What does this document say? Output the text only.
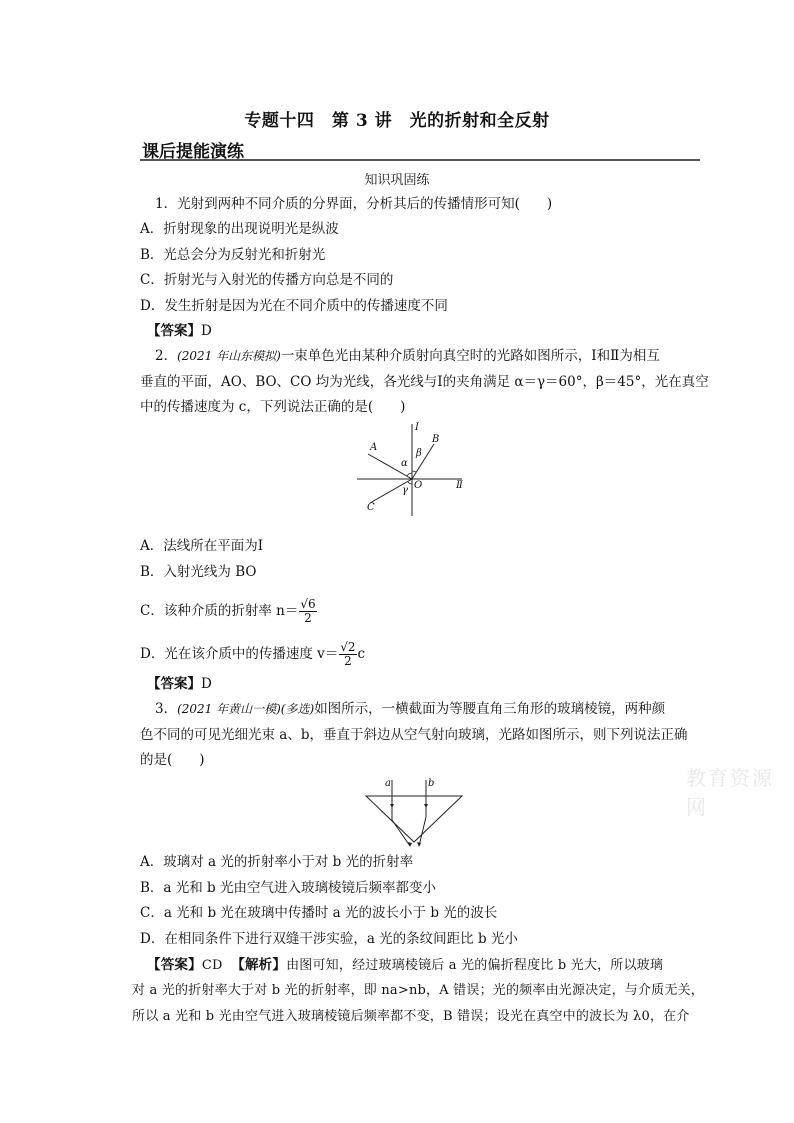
专题十四　第 3 讲　光的折射和全反射
课后提能演练
知识巩固练
1．光射到两种不同介质的分界面，分析其后的传播情形可知(　　)
A．折射现象的出现说明光是纵波
B．光总会分为反射光和折射光
C．折射光与入射光的传播方向总是不同的
D．发生折射是因为光在不同介质中的传播速度不同
【答案】D
2．(2021 年山东模拟)一束单色光由某种介质射向真空时的光路如图所示，Ⅰ和Ⅱ为相互
垂直的平面，AO、BO、CO 均为光线，各光线与Ⅰ的夹角满足 α＝γ＝60°，β＝45°，光在真空
中的传播速度为 c，下列说法正确的是(　　)
Ⅰ
Ⅱ
A
B
C
O
α
β
γ
A．法线所在平面为Ⅰ
B．入射光线为 BO
C．该种介质的折射率 $n= \frac{√6}{2}$
D．光在该介质中的传播速度 $v= \frac{√2}{2}$ c
【答案】D
3．(2021 年黄山一模)(多选)如图所示，一横截面为等腰直角三角形的玻璃棱镜，两种颜
色不同的可见光细光束 a、b，垂直于斜边从空气射向玻璃，光路如图所示，则下列说法正确
的是(　　)
a	b
A．玻璃对 a 光的折射率小于对 b 光的折射率
B．a 光和 b 光由空气进入玻璃棱镜后频率都变小
C．a 光和 b 光在玻璃中传播时 a 光的波长小于 b 光的波长
D．在相同条件下进行双缝干涉实验，a 光的条纹间距比 b 光小
【答案】CD 【解析】由图可知，经过玻璃棱镜后 a 光的偏折程度比 b 光大，所以玻璃
对 a 光的折射率大于对 b 光的折射率，即 na>nb，A 错误；光的频率由光源决定，与介质无关，
所以 a 光和 b 光由空气进入玻璃棱镜后频率都不变，B 错误；设光在真空中的波长为 λ0，在介
教育资源网
